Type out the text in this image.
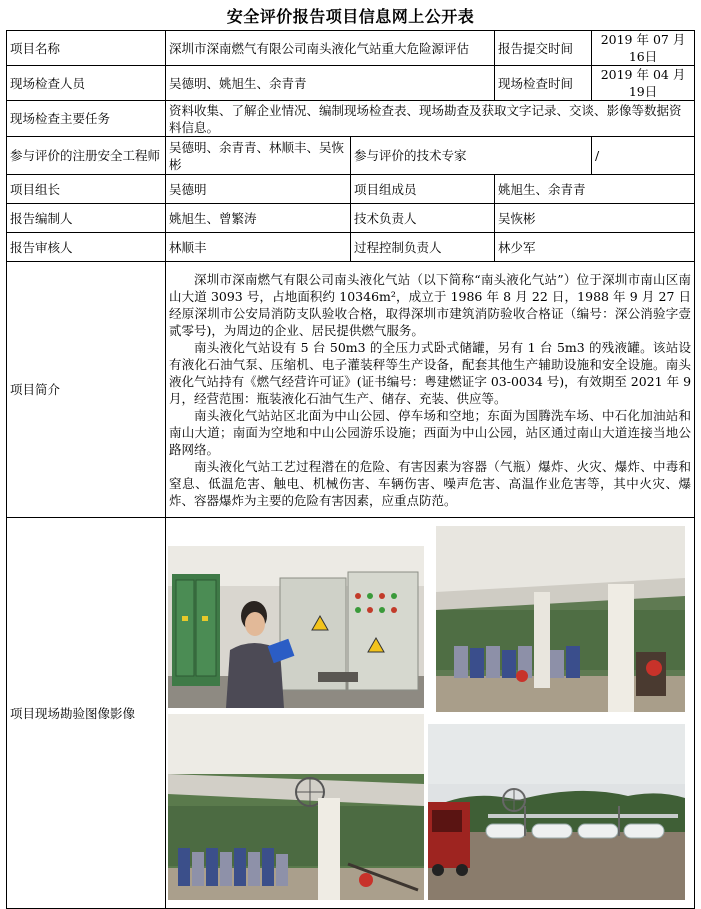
安全评价报告项目信息网上公开表
项目名称	深圳市深南燃气有限公司南头液化气站重大危险源评估		报告提交时间	2019 年 07 月 16日
现场检查人员	吴德明、姚旭生、余青青		现场检查时间	2019 年 04 月 19日
现场检查主要任务	资料收集、了解企业情况、编制现场检查表、现场勘查及获取文字记录、交谈、影像等数据资料信息。			
参与评价的注册安全工程师	吴德明、余青青、林顺丰、吴恢彬	参与评价的技术专家		/
项目组长	吴德明	项目组成员	姚旭生、余青青	
报告编制人	姚旭生、曾繁涛	技术负责人	吴恢彬	
报告审核人	林顺丰	过程控制负责人	林少军	
项目简介	深圳市深南燃气有限公司南头液化气站（以下简称“南头液化气站”）位于深圳市南山区南山大道 3093 号，占地面积约 10346m²，成立于 1986 年 8 月 22 日，1988 年 9 月 27 日经原深圳市公安局消防支队验收合格，取得深圳市建筑消防验收合格证（编号：深公消验字壹贰零号)，为周边的企业、居民提供燃气服务。

南头液化气站设有 5 台 50m3 的全压力式卧式储罐，另有 1 台 5m3 的残液罐。该站设有液化石油气泵、压缩机、电子灌装秤等生产设备，配套其他生产辅助设施和安全设施。南头液化气站持有《燃气经营许可证》(证书编号：粤建燃证字 03-0034 号)，有效期至 2021 年 9 月，经营范围：瓶装液化石油气生产、储存、充装、供应等。

南头液化气站站区北面为中山公园、停车场和空地；东面为国腾洗车场、中石化加油站和南山大道；南面为空地和中山公园游乐设施；西面为中山公园，站区通过南山大道连接当地公路网络。

南头液化气站工艺过程潜在的危险、有害因素为容器（气瓶）爆炸、火灾、爆炸、中毒和窒息、低温危害、触电、机械伤害、车辆伤害、噪声危害、高温作业危害等，其中火灾、爆炸、容器爆炸为主要的危险有害因素，应重点防范。			

项目现场勘验图像影像	
